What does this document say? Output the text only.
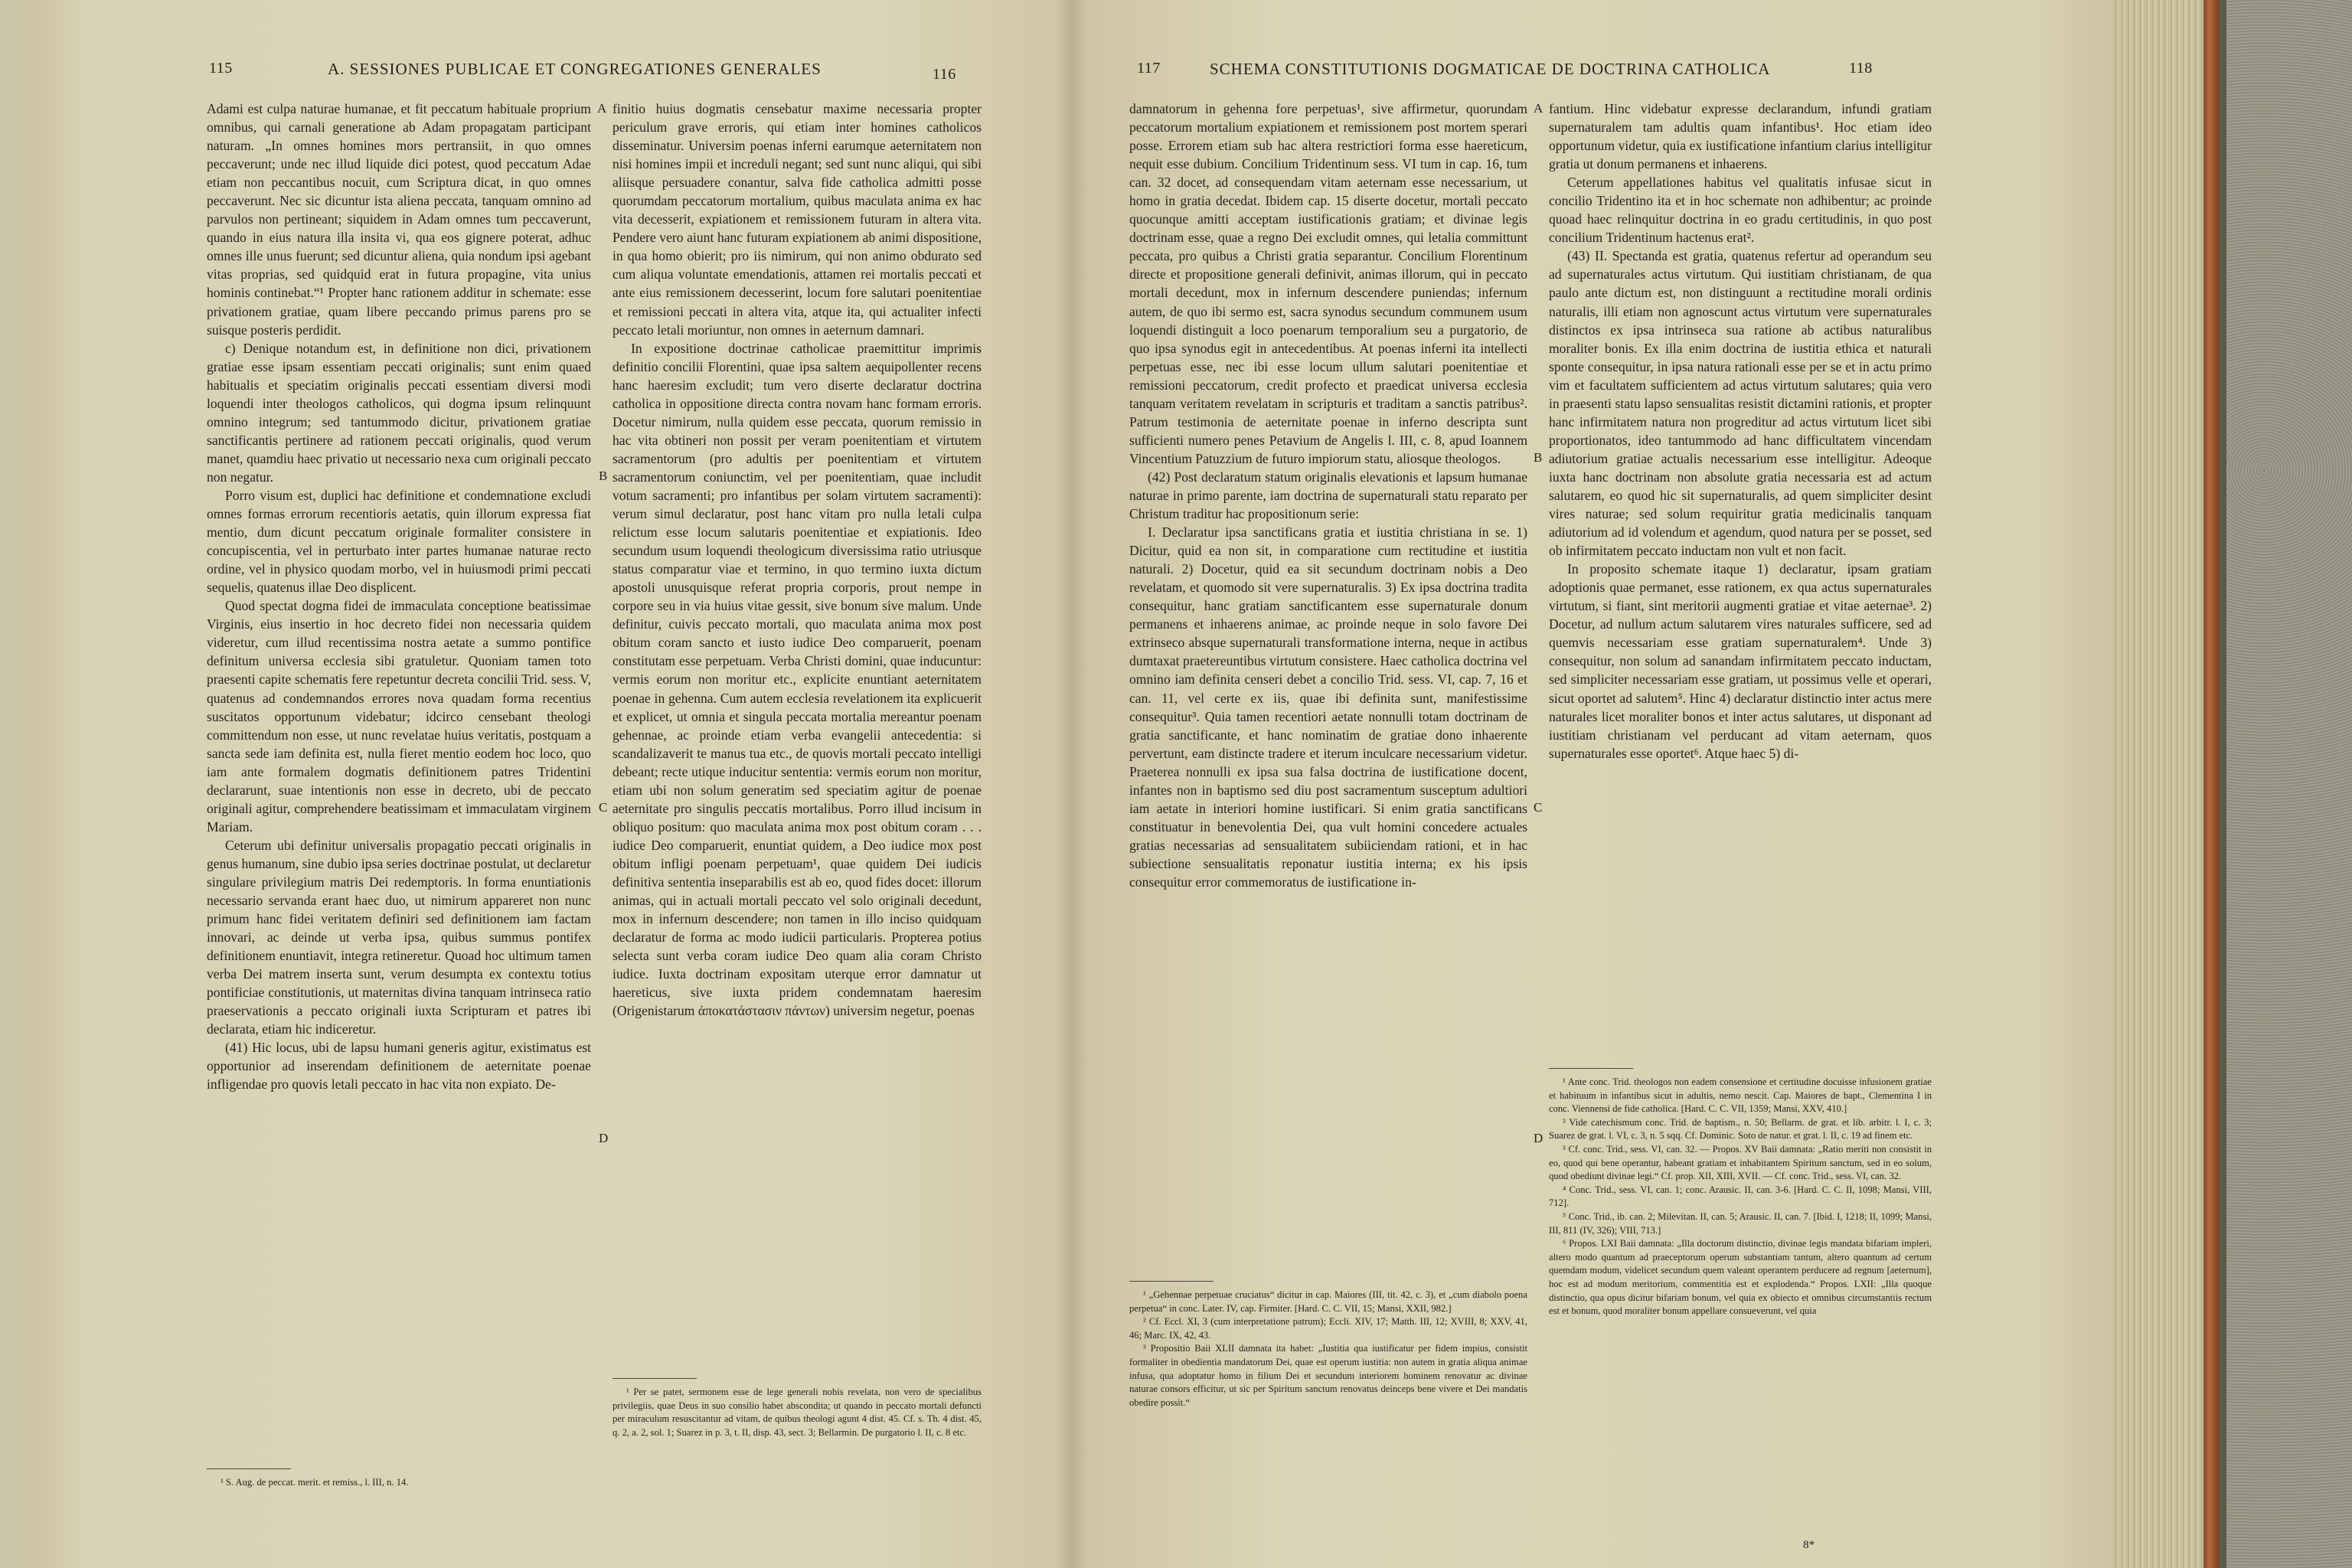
115	A. SESSIONES PUBLICAE ET CONGREGATIONES GENERALES	116

Adami est culpa naturae humanae, et fit peccatum habituale proprium omnibus, qui carnali generatione ab Adam propagatam participant naturam. „In omnes homines mors pertransiit, in quo omnes peccaverunt; unde nec illud liquide dici potest, quod peccatum Adae etiam non peccantibus nocuit, cum Scriptura dicat, in quo omnes peccaverunt. Nec sic dicuntur ista aliena peccata, tanquam omnino ad parvulos non pertineant; siquidem in Adam omnes tum peccaverunt, quando in eius natura illa insita vi, qua eos gignere poterat, adhuc omnes ille unus fuerunt; sed dicuntur aliena, quia nondum ipsi agebant vitas proprias, sed quidquid erat in futura propagine, vita unius hominis continebat.“¹ Propter hanc rationem additur in schemate: esse privationem gratiae, quam libere peccando primus parens pro se suisque posteris perdidit.

c) Denique notandum est, in definitione non dici, privationem gratiae esse ipsam essentiam peccati originalis; sunt enim quaed habitualis et speciatim originalis peccati essentiam diversi modi loquendi inter theologos catholicos, qui dogma ipsum relinquunt omnino integrum; sed tantummodo dicitur, privationem gratiae sanctificantis pertinere ad rationem peccati originalis, quod verum manet, quamdiu haec privatio ut necessario nexa cum originali peccato non negatur.

Porro visum est, duplici hac definitione et condemnatione excludi omnes formas errorum recentioris aetatis, quin illorum expressa fiat mentio, dum dicunt peccatum originale formaliter consistere in concupiscentia, vel in perturbato inter partes humanae naturae recto ordine, vel in physico quodam morbo, vel in huiusmodi primi peccati sequelis, quatenus illae Deo displicent.

Quod spectat dogma fidei de immaculata conceptione beatissimae Virginis, eius insertio in hoc decreto fidei non necessaria quidem videretur, cum illud recentissima nostra aetate a summo pontifice definitum universa ecclesia sibi gratuletur. Quoniam tamen toto praesenti capite schematis fere repetuntur decreta concilii Trid. sess. V, quatenus ad condemnandos errores nova quadam forma recentius suscitatos opportunum videbatur; idcirco censebant theologi committendum non esse, ut nunc revelatae huius veritatis, postquam a sancta sede iam definita est, nulla fieret mentio eodem hoc loco, quo iam ante formalem dogmatis definitionem patres Tridentini declararunt, suae intentionis non esse in decreto, ubi de peccato originali agitur, comprehendere beatissimam et immaculatam virginem Mariam.

Ceterum ubi definitur universalis propagatio peccati originalis in genus humanum, sine dubio ipsa series doctrinae postulat, ut declaretur singulare privilegium matris Dei redemptoris. In forma enuntiationis necessario servanda erant haec duo, ut nimirum appareret non nunc primum hanc fidei veritatem definiri sed definitionem iam factam innovari, ac deinde ut verba ipsa, quibus summus pontifex definitionem enuntiavit, integra retineretur. Quoad hoc ultimum tamen verba Dei matrem inserta sunt, verum desumpta ex contextu totius pontificiae constitutionis, ut maternitas divina tanquam intrinseca ratio praeservationis a peccato originali iuxta Scripturam et patres ibi declarata, etiam hic indiceretur.

(41) Hic locus, ubi de lapsu humani generis agitur, existimatus est opportunior ad inserendam definitionem de aeternitate poenae infligendae pro quovis letali peccato in hac vita non expiato. De-

A
B
C
D

finitio huius dogmatis censebatur maxime necessaria propter periculum grave erroris, qui etiam inter homines catholicos disseminatur. Universim poenas inferni earumque aeternitatem non nisi homines impii et increduli negant; sed sunt nunc aliqui, qui sibi aliisque persuadere conantur, salva fide catholica admitti posse quorumdam peccatorum mortalium, quibus maculata anima ex hac vita decesserit, expiationem et remissionem futuram in altera vita. Pendere vero aiunt hanc futuram expiationem ab animi dispositione, in qua homo obierit; pro iis nimirum, qui non animo obdurato sed cum aliqua voluntate emendationis, attamen rei mortalis peccati et ante eius remissionem decesserint, locum fore salutari poenitentiae et remissioni peccati in altera vita, atque ita, qui actualiter infecti peccato letali moriuntur, non omnes in aeternum damnari.

In expositione doctrinae catholicae praemittitur imprimis definitio concilii Florentini, quae ipsa saltem aequipollenter recens hanc haeresim excludit; tum vero diserte declaratur doctrina catholica in oppositione directa contra novam hanc formam erroris. Docetur nimirum, nulla quidem esse peccata, quorum remissio in hac vita obtineri non possit per veram poenitentiam et virtutem sacramentorum (pro adultis per poenitentiam et virtutem sacramentorum coniunctim, vel per poenitentiam, quae includit votum sacramenti; pro infantibus per solam virtutem sacramenti): verum simul declaratur, post hanc vitam pro nulla letali culpa relictum esse locum salutaris poenitentiae et expiationis. Ideo secundum usum loquendi theologicum diversissima ratio utriusque status comparatur viae et termino, in quo termino iuxta dictum apostoli unusquisque referat propria corporis, prout nempe in corpore seu in via huius vitae gessit, sive bonum sive malum. Unde definitur, cuivis peccato mortali, quo maculata anima mox post obitum coram sancto et iusto iudice Deo comparuerit, poenam constitutam esse perpetuam. Verba Christi domini, quae inducuntur: vermis eorum non moritur etc., explicite enuntiant aeternitatem poenae in gehenna. Cum autem ecclesia revelationem ita explicuerit et explicet, ut omnia et singula peccata mortalia mereantur poenam gehennae, ac proinde etiam verba evangelii antecedentia: si scandalizaverit te manus tua etc., de quovis mortali peccato intelligi debeant; recte utique inducitur sententia: vermis eorum non moritur, etiam ubi non solum generatim sed speciatim agitur de poenae aeternitate pro singulis peccatis mortalibus. Porro illud incisum in obliquo positum: quo maculata anima mox post obitum coram . . . iudice Deo comparuerit, enuntiat quidem, a Deo iudice mox post obitum infligi poenam perpetuam¹, quae quidem Dei iudicis definitiva sententia inseparabilis est ab eo, quod fides docet: illorum animas, qui in actuali mortali peccato vel solo originali decedunt, mox in infernum descendere; non tamen in illo inciso quidquam declaratur de forma ac modo iudicii particularis. Propterea potius selecta sunt verba coram iudice Deo quam alia coram Christo iudice. Iuxta doctrinam expositam uterque error damnatur ut haereticus, sive iuxta pridem condemnatam haeresim (Origenistarum ἀποκατάστασιν πάντων) universim negetur, poenas

¹ S. Aug. de peccat. merit. et remiss., l. III, n. 14.

¹ Per se patet, sermonem esse de lege generali nobis revelata, non vero de specialibus privilegiis, quae Deus in suo consilio habet abscondita; ut quando in peccato mortali defuncti per miraculum resuscitantur ad vitam, de quibus theologi agunt 4 dist. 45. Cf. s. Th. 4 dist. 45, q. 2, a. 2, sol. 1; Suarez in p. 3, t. II, disp. 43, sect. 3; Bellarmin. De purgatorio l. II, c. 8 etc.

117	SCHEMA CONSTITUTIONIS DOGMATICAE DE DOCTRINA CATHOLICA	118

damnatorum in gehenna fore perpetuas¹, sive affirmetur, quorundam peccatorum mortalium expiationem et remissionem post mortem sperari posse. Errorem etiam sub hac altera restrictiori forma esse haereticum, nequit esse dubium. Concilium Tridentinum sess. VI tum in cap. 16, tum can. 32 docet, ad consequendam vitam aeternam esse necessarium, ut homo in gratia decedat. Ibidem cap. 15 diserte docetur, mortali peccato quocunque amitti acceptam iustificationis gratiam; et divinae legis doctrinam esse, quae a regno Dei excludit omnes, qui letalia committunt peccata, pro quibus a Christi gratia separantur. Concilium Florentinum directe et propositione generali definivit, animas illorum, qui in peccato mortali decedunt, mox in infernum descendere puniendas; infernum autem, de quo ibi sermo est, sacra synodus secundum communem usum loquendi distinguit a loco poenarum temporalium seu a purgatorio, de quo ipsa synodus egit in antecedentibus. At poenas inferni ita intellecti perpetuas esse, nec ibi esse locum ullum salutari poenitentiae et remissioni peccatorum, credit profecto et praedicat universa ecclesia tanquam veritatem revelatam in scripturis et traditam a sanctis patribus². Patrum testimonia de aeternitate poenae in inferno descripta sunt sufficienti numero penes Petavium de Angelis l. III, c. 8, apud Ioannem Vincentium Patuzzium de futuro impiorum statu, aliosque theologos.

(42) Post declaratum statum originalis elevationis et lapsum humanae naturae in primo parente, iam doctrina de supernaturali statu reparato per Christum traditur hac propositionum serie:

I. Declaratur ipsa sanctificans gratia et iustitia christiana in se. 1) Dicitur, quid ea non sit, in comparatione cum rectitudine et iustitia naturali. 2) Docetur, quid ea sit secundum doctrinam nobis a Deo revelatam, et quomodo sit vere supernaturalis. 3) Ex ipsa doctrina tradita consequitur, hanc gratiam sanctificantem esse supernaturale donum permanens et inhaerens animae, ac proinde neque in solo favore Dei extrinseco absque supernaturali transformatione interna, neque in actibus dumtaxat praetereuntibus virtutum consistere. Haec catholica doctrina vel omnino iam definita censeri debet a concilio Trid. sess. VI, cap. 7, 16 et can. 11, vel certe ex iis, quae ibi definita sunt, manifestissime consequitur³. Quia tamen recentiori aetate nonnulli totam doctrinam de gratia sanctificante, et hanc nominatim de gratiae dono inhaerente pervertunt, eam distincte tradere et iterum inculcare necessarium videtur. Praeterea nonnulli ex ipsa sua falsa doctrina de iustificatione docent, infantes non in baptismo sed diu post sacramentum susceptum adultiori iam aetate in interiori homine iustificari. Si enim gratia sanctificans constituatur in benevolentia Dei, qua vult homini concedere actuales gratias necessarias ad sensualitatem subiiciendam rationi, et in hac subiectione sensualitatis reponatur iustitia interna; ex his ipsis consequitur error commemoratus de iustificatione in-

A
B
C
D

fantium. Hinc videbatur expresse declarandum, infundi gratiam supernaturalem tam adultis quam infantibus¹. Hoc etiam ideo opportunum videtur, quia ex iustificatione infantium clarius intelligitur gratia ut donum permanens et inhaerens.

Ceterum appellationes habitus vel qualitatis infusae sicut in concilio Tridentino ita et in hoc schemate non adhibentur; ac proinde quoad haec relinquitur doctrina in eo gradu certitudinis, in quo post concilium Tridentinum hactenus erat².

(43) II. Spectanda est gratia, quatenus refertur ad operandum seu ad supernaturales actus virtutum. Qui iustitiam christianam, de qua paulo ante dictum est, non distinguunt a rectitudine morali ordinis naturalis, illi etiam non agnoscunt actus virtutum vere supernaturales distinctos ex ipsa intrinseca sua ratione ab actibus naturalibus moraliter bonis. Ex illa enim doctrina de iustitia ethica et naturali sponte consequitur, in ipsa natura rationali esse per se et in actu primo vim et facultatem sufficientem ad actus virtutum salutares; quia vero in praesenti statu lapso sensualitas resistit dictamini rationis, et propter hanc infirmitatem natura non progreditur ad actus virtutum licet sibi proportionatos, ideo tantummodo ad hanc difficultatem vincendam adiutorium gratiae actualis necessarium esse intelligitur. Adeoque iuxta hanc doctrinam non absolute gratia necessaria est ad actum salutarem, eo quod hic sit supernaturalis, ad quem simpliciter desint vires naturae; sed solum requiritur gratia medicinalis tanquam adiutorium ad id volendum et agendum, quod natura per se posset, sed ob infirmitatem peccato inductam non vult et non facit.

In proposito schemate itaque 1) declaratur, ipsam gratiam adoptionis quae permanet, esse rationem, ex qua actus supernaturales virtutum, si fiant, sint meritorii augmenti gratiae et vitae aeternae³. 2) Docetur, ad nullum actum salutarem vires naturales sufficere, sed ad quemvis necessariam esse gratiam supernaturalem⁴. Unde 3) consequitur, non solum ad sanandam infirmitatem peccato inductam, sed simpliciter necessariam esse gratiam, ut possimus velle et operari, sicut oportet ad salutem⁵. Hinc 4) declaratur distinctio inter actus mere naturales licet moraliter bonos et inter actus salutares, ut disponant ad iustitiam christianam vel perducant ad vitam aeternam, quos supernaturales esse oportet⁶. Atque haec 5) di-

¹ „Gehennae perpetuae cruciatus“ dicitur in cap. Maiores (III, tit. 42, c. 3), et „cum diabolo poena perpetua“ in conc. Later. IV, cap. Firmiter. [Hard. C. C. VII, 15; Mansi, XXII, 982.]

² Cf. Eccl. XI, 3 (cum interpretatione patrum); Eccli. XIV, 17; Matth. III, 12; XVIII, 8; XXV, 41, 46; Marc. IX, 42, 43.

³ Propositio Baii XLII damnata ita habet: „Iustitia qua iustificatur per fidem impius, consistit formaliter in obedientia mandatorum Dei, quae est operum iustitia: non autem in gratia aliqua animae infusa, qua adoptatur homo in filium Dei et secundum interiorem hominem renovatur ac divinae naturae consors efficitur, ut sic per Spiritum sanctum renovatus deinceps bene vivere et Dei mandatis obedire possit.“

¹ Ante conc. Trid. theologos non eadem consensione et certitudine docuisse infusionem gratiae et habituum in infantibus sicut in adultis, nemo nescit. Cap. Maiores de bapt., Clementina I in conc. Viennensi de fide catholica. [Hard. C. C. VII, 1359; Mansi, XXV, 410.]

² Vide catechismum conc. Trid. de baptism., n. 50; Bellarm. de grat. et lib. arbitr. l. I, c. 3; Suarez de grat. l. VI, c. 3, n. 5 sqq. Cf. Dominic. Soto de natur. et grat. l. II, c. 19 ad finem etc.

³ Cf. conc. Trid., sess. VI, can. 32. — Propos. XV Baii damnata: „Ratio meriti non consistit in eo, quod qui bene operantur, habeant gratiam et inhabitantem Spiritum sanctum, sed in eo solum, quod obediunt divinae legi.“ Cf. prop. XII, XIII, XVII. — Cf. conc. Trid., sess. VI, can. 32.

⁴ Conc. Trid., sess. VI, can. 1; conc. Arausic. II, can. 3-6. [Hard. C. C. II, 1098; Mansi, VIII, 712].

⁵ Conc. Trid., ib. can. 2; Milevitan. II, can. 5; Arausic. II, can. 7. [Ibid. I, 1218; II, 1099; Mansi, III, 811 (IV, 326); VIII, 713.]

⁶ Propos. LXI Baii damnata: „Illa doctorum distinctio, divinae legis mandata bifariam impleri, altero modo quantum ad praeceptorum operum substantiam tantum, altero quantum ad certum quemdam modum, videlicet secundum quem valeant operantem perducere ad regnum [aeternum], hoc est ad modum meritorium, commentitia est et explodenda.“ Propos. LXII: „Illa quoque distinctio, qua opus dicitur bifariam bonum, vel quia ex obiecto et omnibus circumstantiis rectum est et bonum, quod moraliter bonum appellare consueverunt, vel quia

8*
